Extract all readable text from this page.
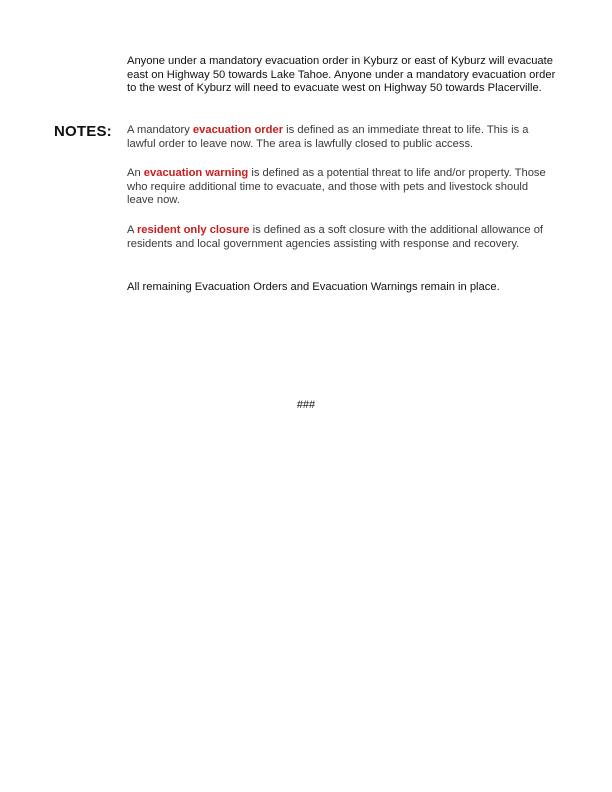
Anyone under a mandatory evacuation order in Kyburz or east of Kyburz will evacuate east on Highway 50 towards Lake Tahoe. Anyone under a mandatory evacuation order to the west of Kyburz will need to evacuate west on Highway 50 towards Placerville.

NOTES: A mandatory evacuation order is defined as an immediate threat to life. This is a lawful order to leave now. The area is lawfully closed to public access.

An evacuation warning is defined as a potential threat to life and/or property. Those who require additional time to evacuate, and those with pets and livestock should leave now.

A resident only closure is defined as a soft closure with the additional allowance of residents and local government agencies assisting with response and recovery.

All remaining Evacuation Orders and Evacuation Warnings remain in place.

###
